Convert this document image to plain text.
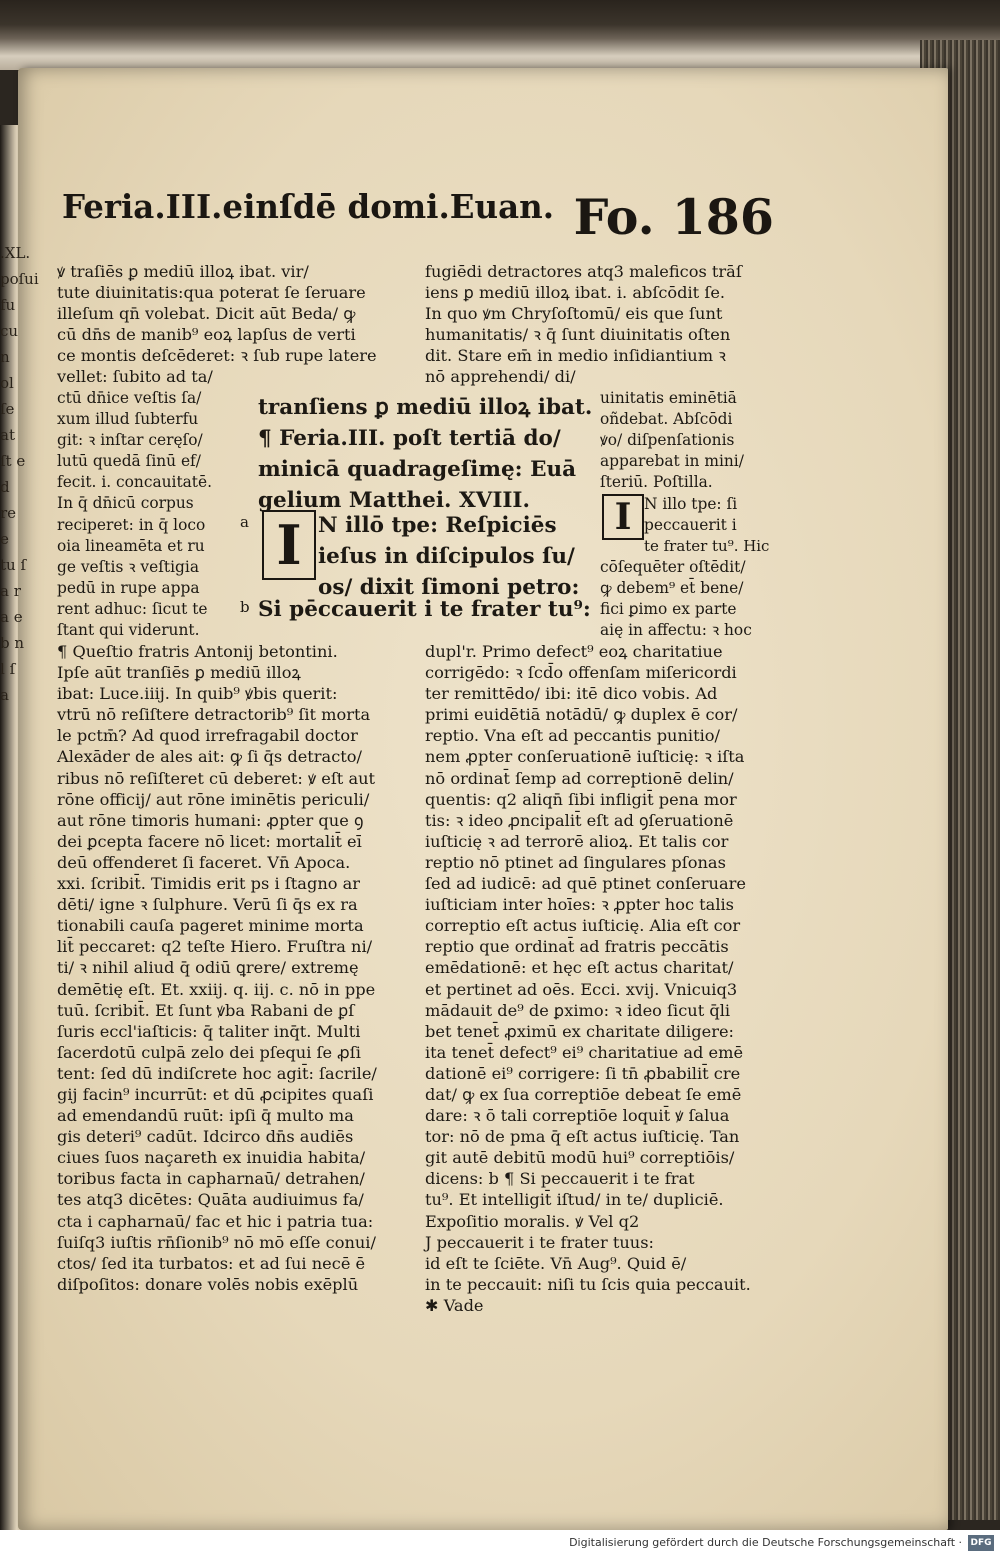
.XL. poſui fu cu n ol ſe at ſt e d re e tu ſ a r a e b n l ſ a
Feria.III.einſdē domi.Euan. Fo. 186
ꝟ traſiēs ꝑ mediū illoꝝ ibat. vir/
tute diuinitatis:qua poterat ſe ſeruare
illeſum qn̄ volebat. Dicit aūt Beda/ ꝙ
cū dn̄s de manib⁹ eoꝝ lapſus de verti
ce montis deſcēderet: ꝛ ſub rupe latere
vellet: ſubito ad ta/
ctū dn̄ice veſtis ſa/
xum illud ſubterfu
git: ꝛ inſtar ceręſo/
lutū quedā ſinū ef/
fecit. i. concauitatē.
In q̄ dn̄icū corpus
reciperet: in q̄ loco
oia lineamēta et ru
ge veſtis ꝛ veſtigia
pedū in rupe appa
rent adhuc: ſicut te
ſtant qui viderunt.
tranſiens ꝑ mediū illoꝝ ibat.
¶ Feria.III. poſt tertiā do/
minicā quadrageſimę: Euā
gelium Matthei. XVIII.
a I N illō tpe: Reſpiciēs
ieſus in diſcipulos ſu/
os/ dixit ſimoni petro:
b Si pēccauerit i te frater tu⁹:
¶ Queſtio fratris Antonij betontini.
Ipſe aūt tranſiēs ꝑ mediū illoꝝ
ibat: Luce.iiij. In quib⁹ ꝟbis querit:
vtrū nō reſiſtere detractorib⁹ ſit morta
le pctm̄? Ad quod irrefragabil doctor
Alexāder de ales ait: ꝙ ſi q̄s detracto/
ribus nō reſiſteret cū deberet: ꝟ eſt aut
rōne officij/ aut rōne iminētis periculi/
aut rōne timoris humani: ꝓpter que ꝯ
dei ꝑcepta facere nō licet: mortalit̄ eī
deū offenderet ſi faceret. Vn̄ Apoca.
xxi. ſcribit̄. Timidis erit ps i ſtagno ar
dēti/ igne ꝛ ſulphure. Verū ſi q̄s ex ra
tionabili cauſa pageret minime morta
lit̄ peccaret: q2 teſte Hiero. Fruſtra ni/
ti/ ꝛ nihil aliud q̄ odiū ꝗrere/ extremę
demētię eſt. Et. xxiij. q. iij. c. nō in ppe
tuū. ſcribit̄. Et ſunt ꝟba Rabani de ꝑſ
ſuris eccl'iaſticis: q̄ taliter inq̄t. Multi
ſacerdotū culpā zelo dei pſequi ſe ꝓſi
tent: ſed dū indiſcrete hoc agit̄: ſacrile/
gij facin⁹ incurrūt: et dū ꝓcipites quaſi
ad emendandū ruūt: ipſi q̄ multo ma
gis deteri⁹ cadūt. Idcirco dn̄s audiēs
ciues ſuos naçareth ex inuidia habita/
toribus facta in capharnaū/ detrahen/
tes atq3 dicētes: Quāta audiuimus fa/
cta i capharnaū/ fac et hic i patria tua:
ſuiſq3 iuſtis rn̄ſionib⁹ nō mō eſſe conui/
ctos/ ſed ita turbatos: et ad ſui necē ē
diſpoſitos: donare volēs nobis exēplū
fugiēdi detractores atq3 maleficos trāſ
iens ꝑ mediū illoꝝ ibat. i. abſcōdit ſe.
In quo ꝟm Chryſoſtomū/ eis que ſunt
humanitatis/ ꝛ q̄ ſunt diuinitatis oſten
dit. Stare em̄ in medio inſidiantium ꝛ
nō apprehendi/ di/
uinitatis eminētiā
oñdebat. Abſcōdi
ꝟo/ diſpenſationis
apparebat in mini/
ſteriū. Poſtilla.
I N illo tpe: ſi
peccauerit i
te frater tu⁹. Hic
cōſequēter oſtēdit/
ꝙ debem⁹ et̄ bene/
fici ꝑimo ex parte
aię in affectu: ꝛ hoc
dupl'r. Primo defect⁹ eoꝝ charitatiue
corrigēdo: ꝛ ſcd̄o offenſam miſericordi
ter remittēdo/ ibi: itē dico vobis. Ad
primi euidētiā notādū/ ꝙ duplex ē cor/
reptio. Vna eſt ad peccantis punitio/
nem ꝓpter conſeruationē iuſticię: ꝛ iſta
nō ordinat̄ ſemp ad correptionē delin/
quentis: q2 aliqn̄ ſibi infligit̄ pena mor
tis: ꝛ ideo ꝓncipalit̄ eſt ad ꝯſeruationē
iuſticię ꝛ ad terrorē alioꝝ. Et talis cor
reptio nō ptinet ad ſingulares pſonas
ſed ad iudicē: ad quē ptinet conſeruare
iuſticiam inter hoīes: ꝛ ꝓpter hoc talis
correptio eſt actus iuſticię. Alia eſt cor
reptio que ordinat̄ ad fratris peccātis
emēdationē: et hęc eſt actus charitat/
et pertinet ad oēs. Ecci. xvij. Vnicuiq3
mādauit de⁹ de ꝑximo: ꝛ ideo ſicut q̄li
bet tenet̄ ꝓximū ex charitate diligere:
ita tenet̄ defect⁹ ei⁹ charitatiue ad emē
dationē ei⁹ corrigere: ſi tn̄ ꝓbabilit̄ cre
dat/ ꝙ ex ſua correptiōe debeat ſe emē
dare: ꝛ ō tali correptiōe loquit̄ ꝟ ſalua
tor: nō de pma q̄ eſt actus iuſticię. Tan
git autē debitū modū hui⁹ correptiōis/
dicens: b ¶ Si peccauerit i te frat
tu⁹. Et intelligit̄ iſtud/ in te/ dupliciē.
Expoſitio moralis. ꝟ Vel q2
J peccauerit i te frater tuus:
id eſt te ſciēte. Vn̄ Aug⁹. Quid ē/
in te peccauit: niſi tu ſcis quia peccauit.
✱ Vade
Digitalisierung gefördert durch die Deutsche Forschungsgemeinschaft · DFG
